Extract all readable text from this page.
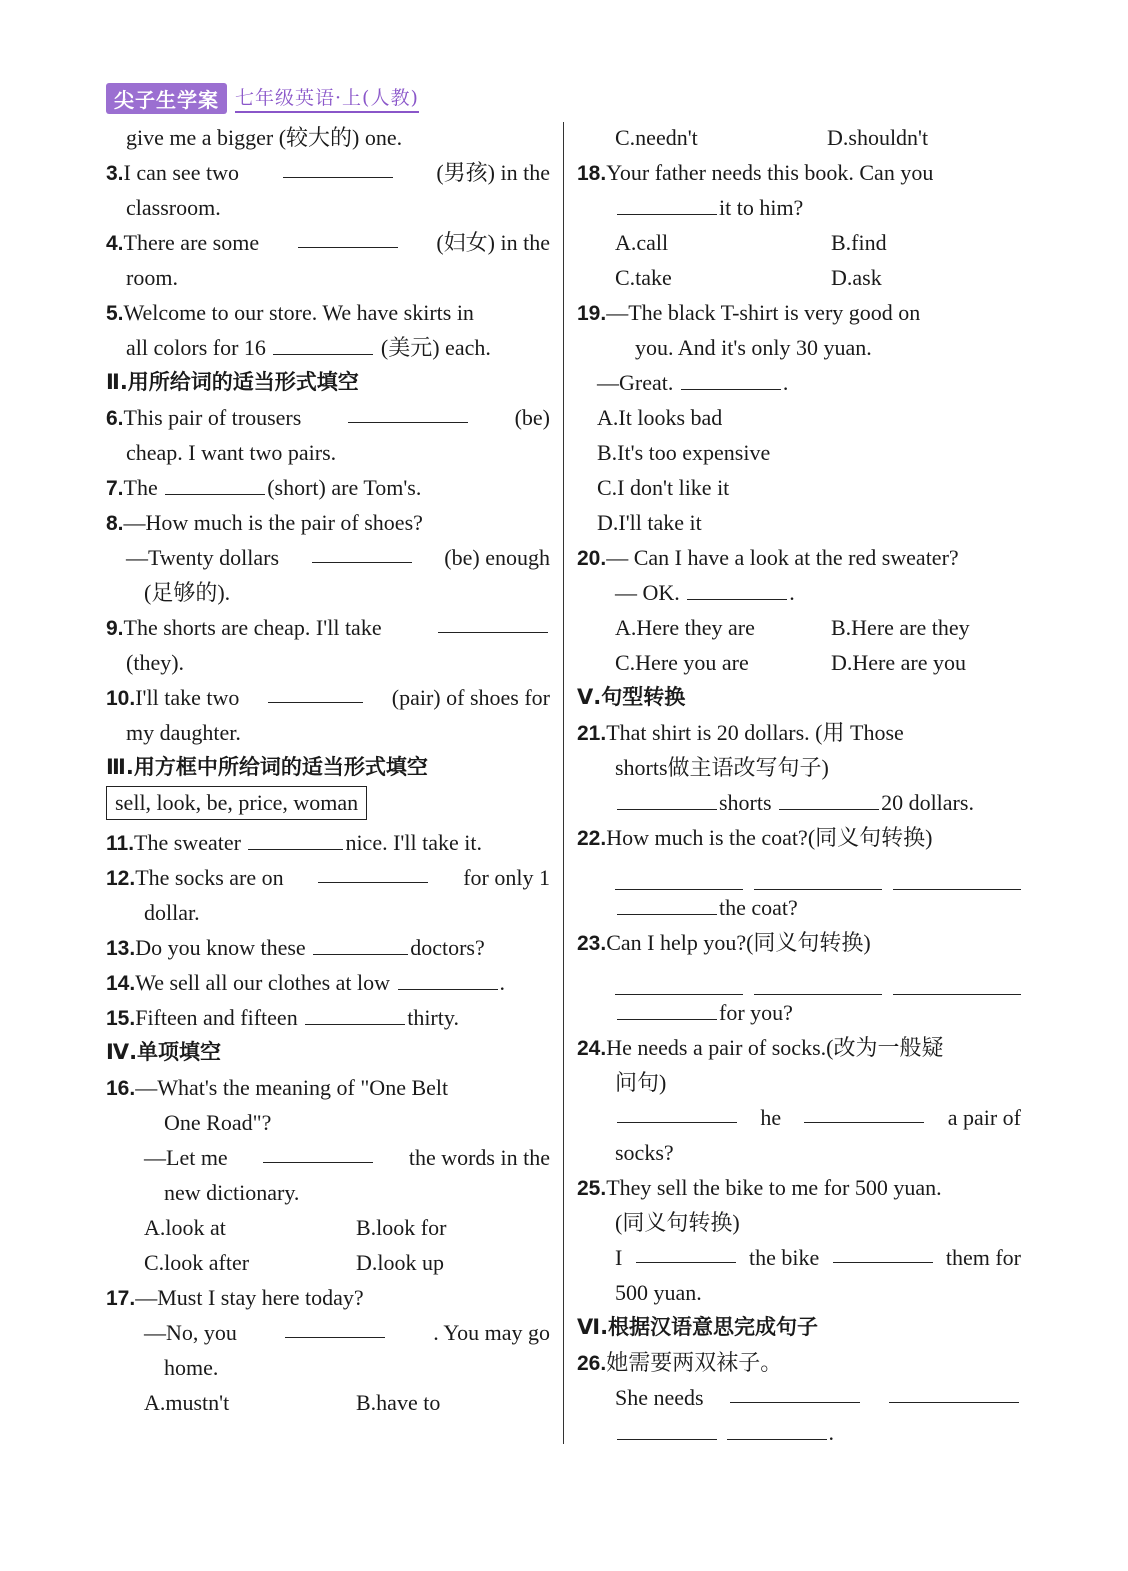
尖子生学案 七年级英语·上(人教)
give me a bigger (较大的) one.
3.I can see two	(男孩) in the
classroom.
4.There are some	(妇女) in the
room.
5.Welcome to our store. We have skirts in
all colors for 16	(美元) each.
Ⅱ.用所给词的适当形式填空
6.This pair of trousers	(be)
cheap. I want two pairs.
7.The	(short) are Tom's.
8.—How much is the pair of shoes?
—Twenty dollars	(be) enough
(足够的).
9.The shorts are cheap. I'll take
(they).
10.I'll take two	(pair) of shoes for
my daughter.
Ⅲ.用方框中所给词的适当形式填空
sell, look, be, price, woman
11.The sweater	nice. I'll take it.
12.The socks are on	for only 1
dollar.
13.Do you know these	doctors?
14.We sell all our clothes at low	.
15.Fifteen and fifteen	thirty.
Ⅳ.单项填空
16.—What's the meaning of "One Belt
One Road"?
—Let me	the words in the
new dictionary.
A.look at	B.look for
C.look after	D.look up
17.—Must I stay here today?
—No, you	. You may go
home.
A.mustn't	B.have to
C.needn't	D.shouldn't
18.Your father needs this book. Can you
it to him?
A.call	B.find
C.take	D.ask
19.—The black T-shirt is very good on
you. And it's only 30 yuan.
—Great.	.
A.It looks bad
B.It's too expensive
C.I don't like it
D.I'll take it
20.— Can I have a look at the red sweater?
— OK.	.
A.Here they are	B.Here are they
C.Here you are	D.Here are you
Ⅴ.句型转换
21.That shirt is 20 dollars. (用 Those
shorts做主语改写句子)
shorts	20 dollars.
22.How much is the coat?(同义句转换)
the coat?
23.Can I help you?(同义句转换)
for you?
24.He needs a pair of socks.(改为一般疑
问句)
he	a pair of
socks?
25.They sell the bike to me for 500 yuan.
(同义句转换)
I	the bike	them for
500 yuan.
Ⅵ.根据汉语意思完成句子
26.她需要两双袜子。
She needs
.
